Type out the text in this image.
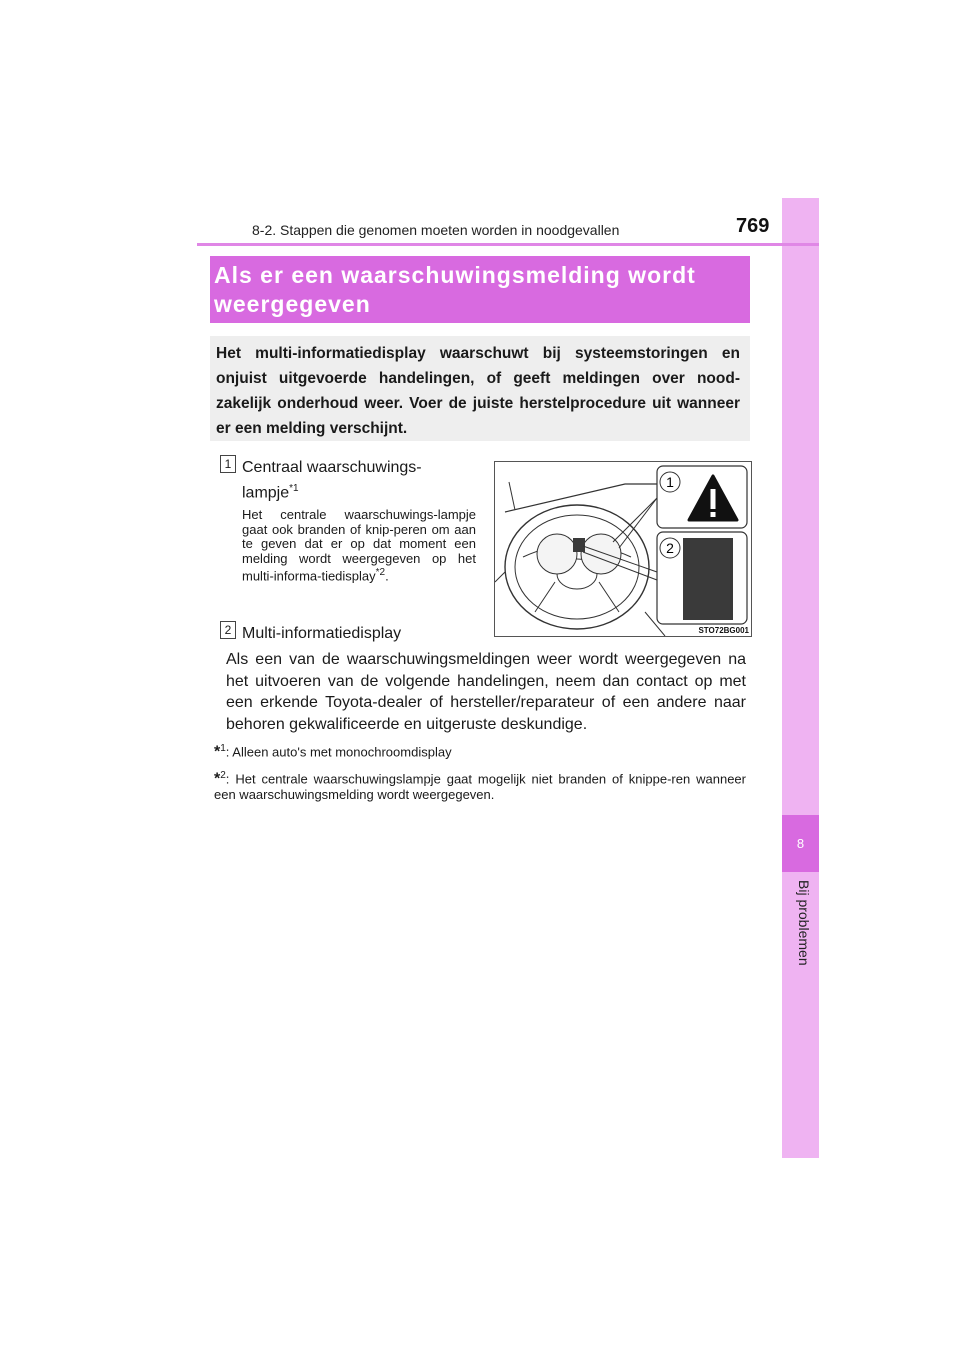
8
Bij problemen
8-2. Stappen die genomen moeten worden in noodgevallen	769
Als er een waarschuwingsmelding wordt weergegeven
Het multi-informatiedisplay waarschuwt bij systeemstoringen en onjuist uitgevoerde handelingen, of geeft meldingen over nood-zakelijk onderhoud weer. Voer de juiste herstelprocedure uit wanneer er een melding verschijnt.
1 Centraal waarschuwings-
lampje$^{*1}$
Het centrale waarschuwings-lampje gaat ook branden of knip-peren om aan te geven dat er op dat moment een melding wordt weergegeven op het multi-informa-tiedisplay$^{*2}$.
2 Multi-informatiedisplay
1
2
STO72BG001
Als een van de waarschuwingsmeldingen weer wordt weergegeven na het uitvoeren van de volgende handelingen, neem dan contact op met een erkende Toyota-dealer of hersteller/reparateur of een andere naar behoren gekwalificeerde en uitgeruste deskundige.
*$^1$: Alleen auto's met monochroomdisplay
*$^2$: Het centrale waarschuwingslampje gaat mogelijk niet branden of knippe-ren wanneer een waarschuwingsmelding wordt weergegeven.
